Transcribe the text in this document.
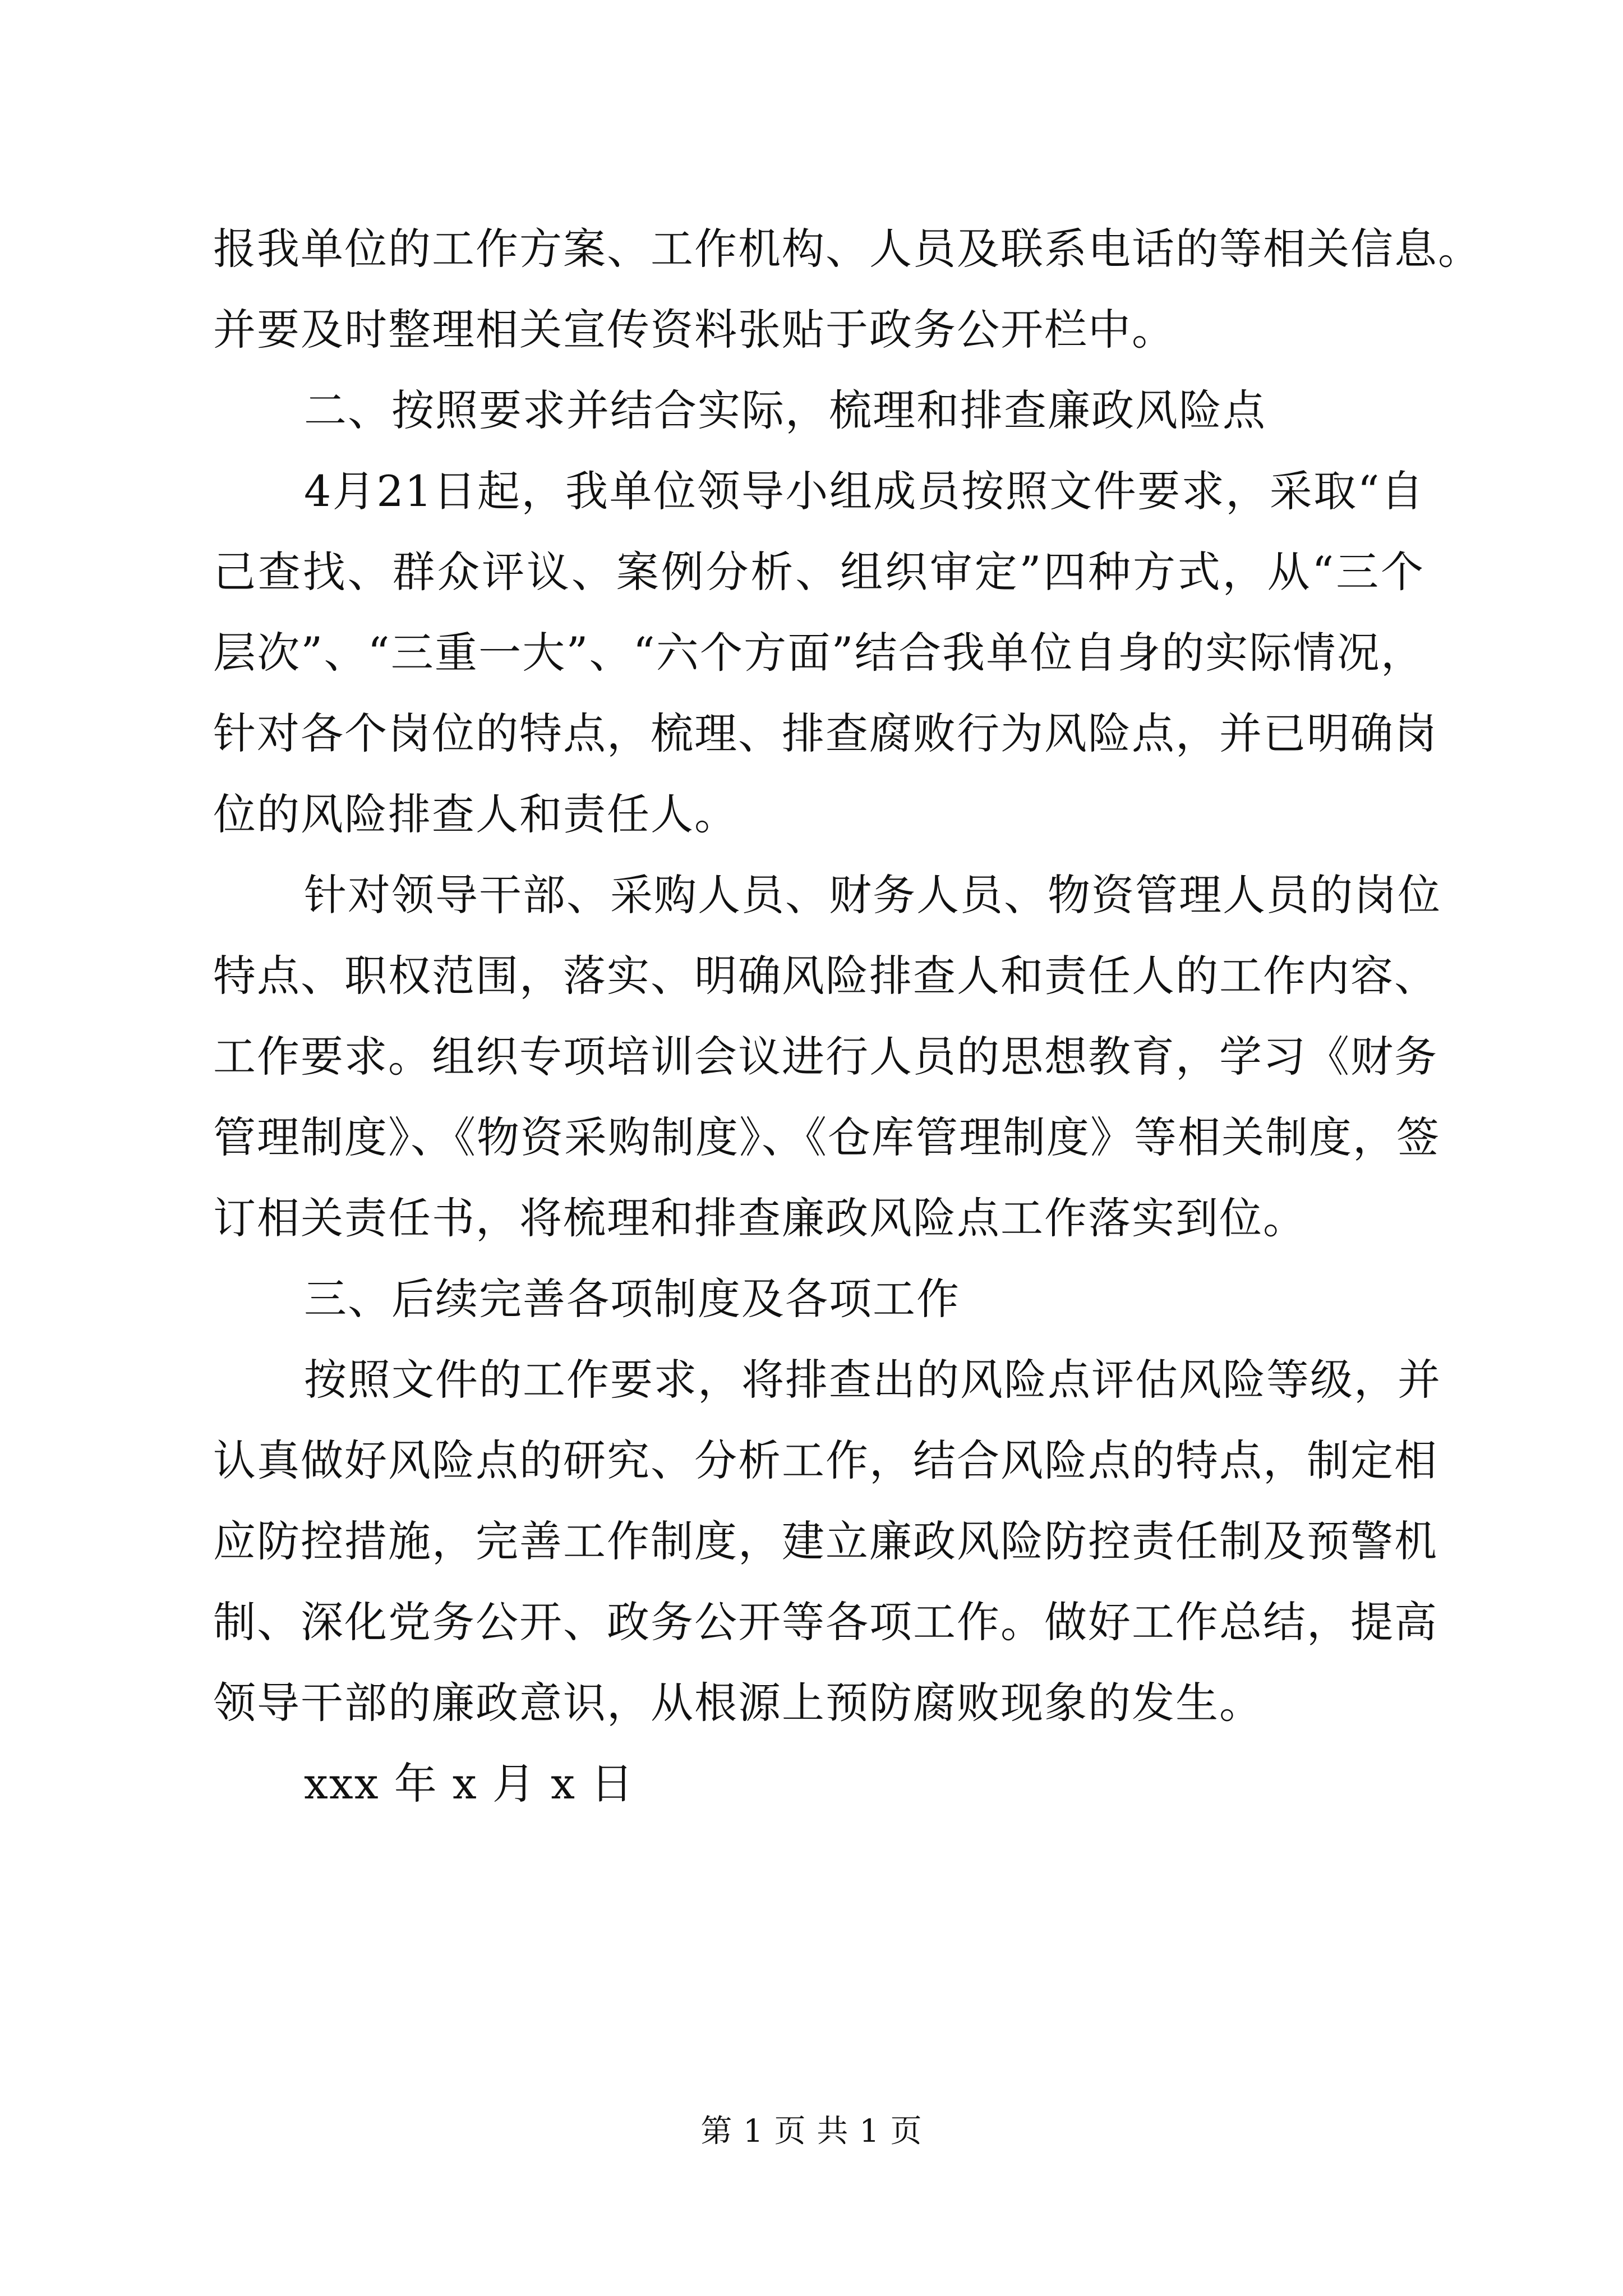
报我单位的工作方案、工作机构、人员及联系电话的等相关信息。
并要及时整理相关宣传资料张贴于政务公开栏中。
二、按照要求并结合实际，梳理和排查廉政风险点
4月21日起，我单位领导小组成员按照文件要求，采取“自
己查找、群众评议、案例分析、组织审定”四种方式，从“三个
层次”、“三重一大”、“六个方面”结合我单位自身的实际情况，
针对各个岗位的特点，梳理、排查腐败行为风险点，并已明确岗
位的风险排查人和责任人。
针对领导干部、采购人员、财务人员、物资管理人员的岗位
特点、职权范围，落实、明确风险排查人和责任人的工作内容、
工作要求。组织专项培训会议进行人员的思想教育，学习《财务
管理制度》、《物资采购制度》、《仓库管理制度》等相关制度，签
订相关责任书，将梳理和排查廉政风险点工作落实到位。
三、后续完善各项制度及各项工作
按照文件的工作要求，将排查出的风险点评估风险等级，并
认真做好风险点的研究、分析工作，结合风险点的特点，制定相
应防控措施，完善工作制度，建立廉政风险防控责任制及预警机
制、深化党务公开、政务公开等各项工作。做好工作总结，提高
领导干部的廉政意识，从根源上预防腐败现象的发生。
xxx 年 x 月 x 日
第 1 页 共 1 页
